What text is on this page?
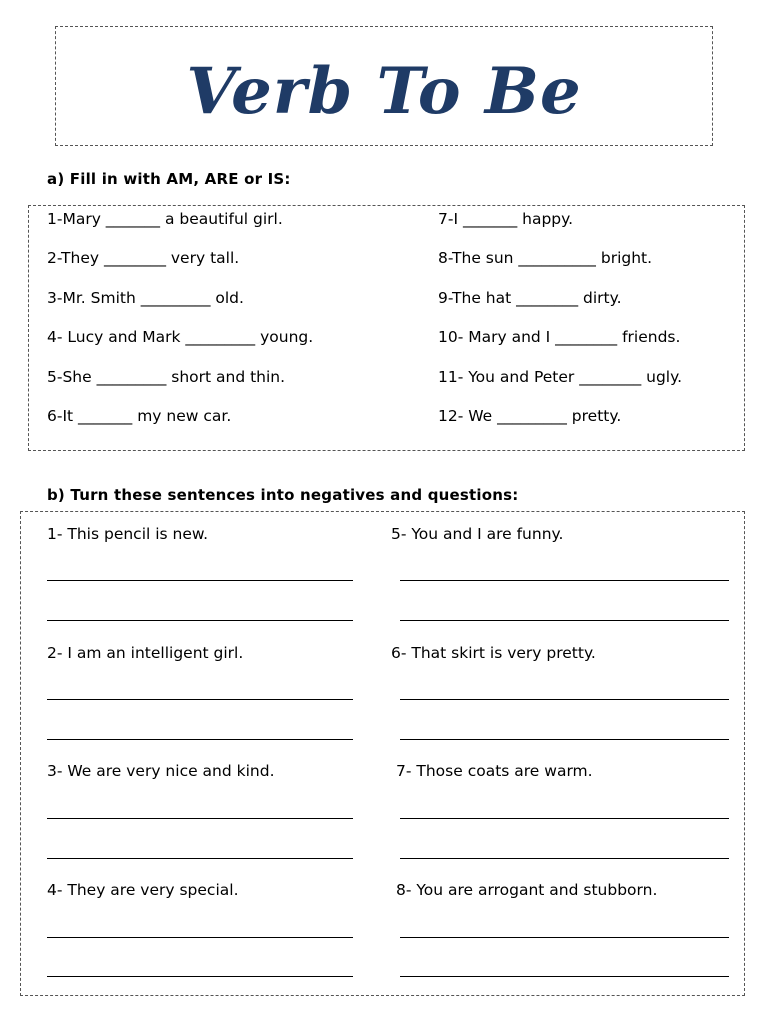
Verb To Be
a) Fill in with AM, ARE or IS:
1-Mary _______ a beautiful girl.
2-They ________ very tall.
3-Mr. Smith _________ old.
4- Lucy and Mark _________ young.
5-She _________ short and thin.
6-It _______ my new car.
7-I _______ happy.
8-The sun __________ bright.
9-The hat ________ dirty.
10- Mary and I ________ friends.
11- You and Peter ________ ugly.
12- We _________ pretty.
b) Turn these sentences into negatives and questions:
1- This pencil is new.	5- You and I are funny.
2- I am an intelligent girl.	6- That skirt is very pretty.
3- We are very nice and kind.	7- Those coats are warm.
4- They are very special.	8- You are arrogant and stubborn.
